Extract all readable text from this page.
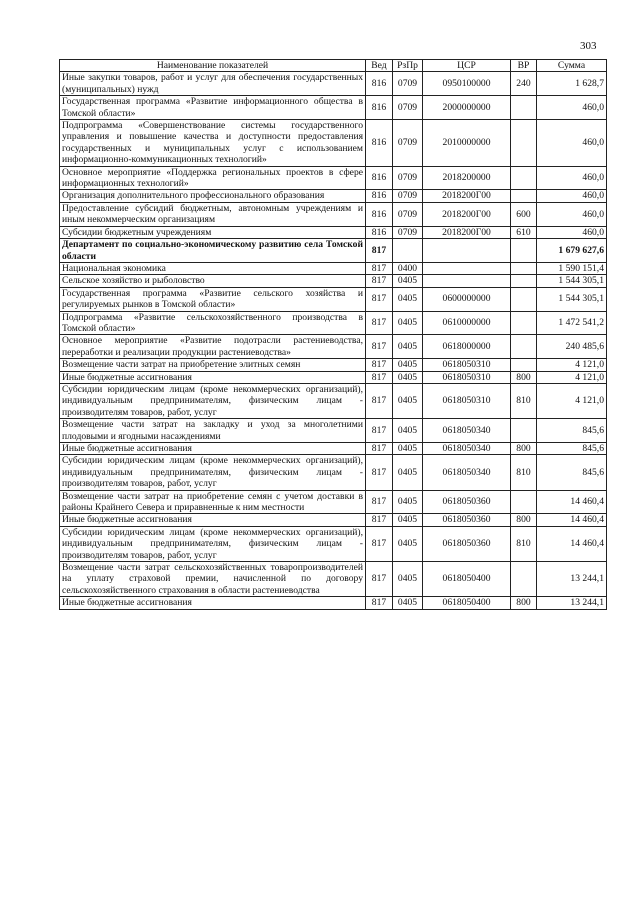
303
Наименование показателей	Вед	РзПр	ЦСР	ВР	Сумма
Иные закупки товаров, работ и услуг для обеспечения государственных (муниципальных) нужд	816	0709	0950100000	240	1 628,7
Государственная программа «Развитие информационного общества в Томской области»	816	0709	2000000000		460,0
Подпрограмма «Совершенствование системы государственного управления и повышение качества и доступности предоставления государственных и муниципальных услуг с использованием информационно-коммуникационных технологий»	816	0709	2010000000		460,0
Основное мероприятие «Поддержка региональных проектов в сфере информационных технологий»	816	0709	2018200000		460,0
Организация дополнительного профессионального образования	816	0709	2018200Г00		460,0
Предоставление субсидий бюджетным, автономным учреждениям и иным некоммерческим организациям	816	0709	2018200Г00	600	460,0
Субсидии бюджетным учреждениям	816	0709	2018200Г00	610	460,0
Департамент по социально-экономическому развитию села Томской области	817				1 679 627,6
Национальная экономика	817	0400			1 590 151,4
Сельское хозяйство и рыболовство	817	0405			1 544 305,1
Государственная программа «Развитие сельского хозяйства и регулируемых рынков в Томской области»	817	0405	0600000000		1 544 305,1
Подпрограмма «Развитие сельскохозяйственного производства в Томской области»	817	0405	0610000000		1 472 541,2
Основное мероприятие «Развитие подотрасли растениеводства, переработки и реализации продукции растениеводства»	817	0405	0618000000		240 485,6
Возмещение части затрат на приобретение элитных семян	817	0405	0618050310		4 121,0
Иные бюджетные ассигнования	817	0405	0618050310	800	4 121,0
Субсидии юридическим лицам (кроме некоммерческих организаций), индивидуальным предпринимателям, физическим лицам - производителям товаров, работ, услуг	817	0405	0618050310	810	4 121,0
Возмещение части затрат на закладку и уход за многолетними плодовыми и ягодными насаждениями	817	0405	0618050340		845,6
Иные бюджетные ассигнования	817	0405	0618050340	800	845,6
Субсидии юридическим лицам (кроме некоммерческих организаций), индивидуальным предпринимателям, физическим лицам - производителям товаров, работ, услуг	817	0405	0618050340	810	845,6
Возмещение части затрат на приобретение семян с учетом доставки в районы Крайнего Севера и приравненные к ним местности	817	0405	0618050360		14 460,4
Иные бюджетные ассигнования	817	0405	0618050360	800	14 460,4
Субсидии юридическим лицам (кроме некоммерческих организаций), индивидуальным предпринимателям, физическим лицам - производителям товаров, работ, услуг	817	0405	0618050360	810	14 460,4
Возмещение части затрат сельскохозяйственных товаропроизводителей на уплату страховой премии, начисленной по договору сельскохозяйственного страхования в области растениеводства	817	0405	0618050400		13 244,1
Иные бюджетные ассигнования	817	0405	0618050400	800	13 244,1
